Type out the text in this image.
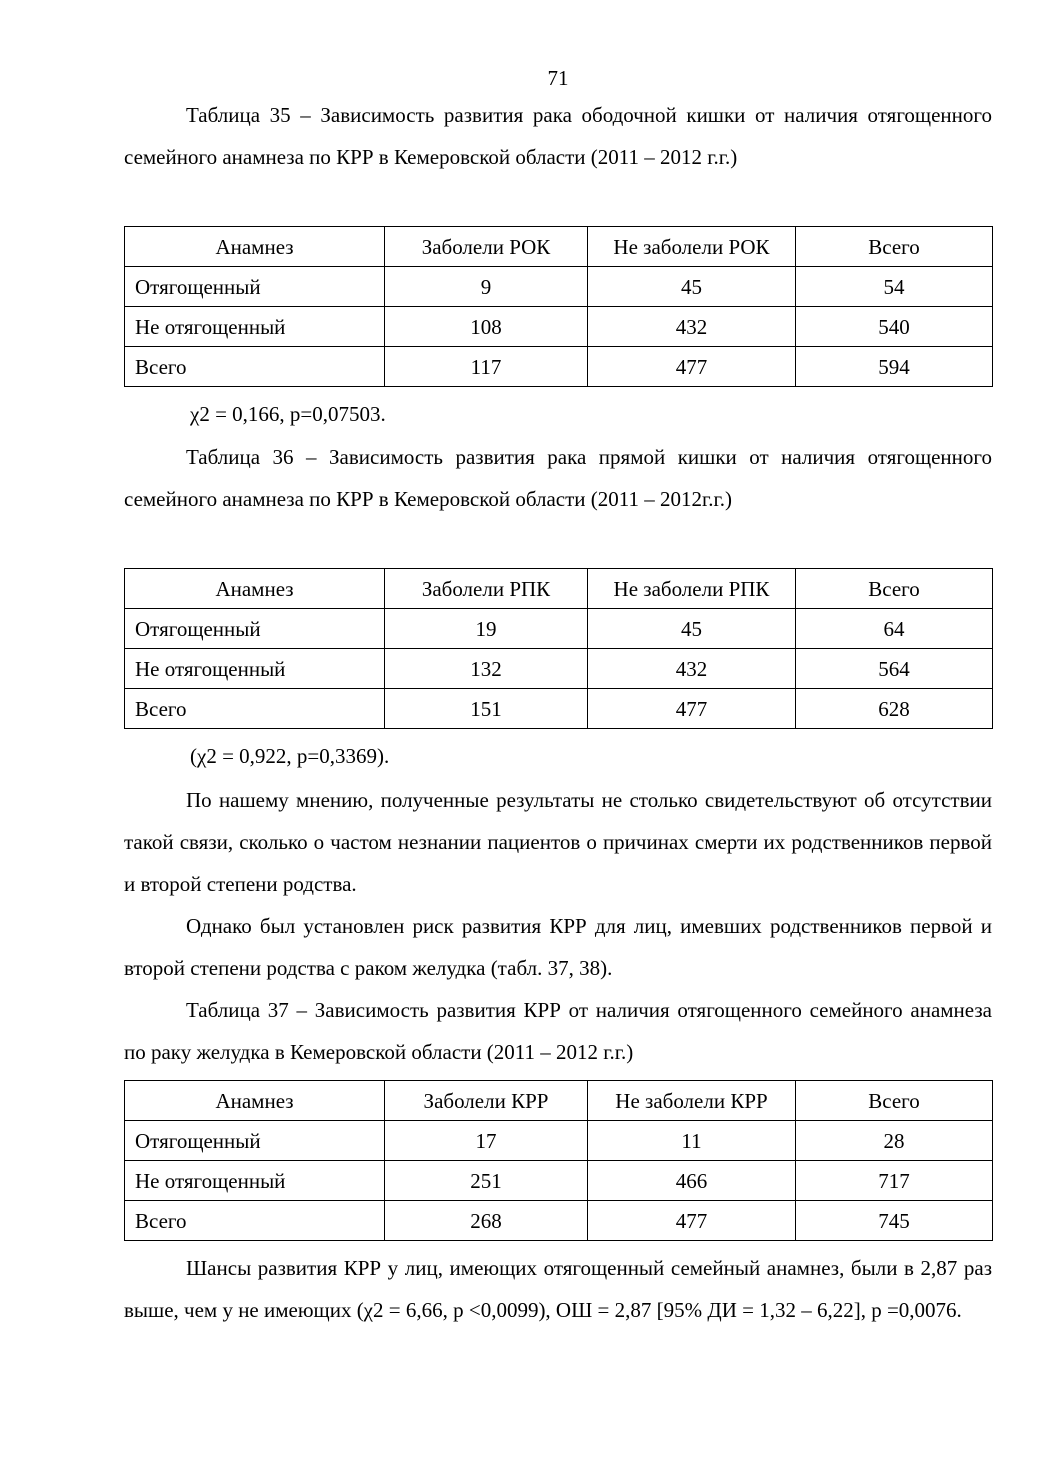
71

Таблица 35 – Зависимость развития рака ободочной кишки от наличия отягощенного семейного анамнеза по КРР в Кемеровской области (2011 – 2012 г.г.)

Анамнез	Заболели РОК	Не заболели РОК	Всего
Отягощенный	9	45	54
Не отягощенный	108	432	540
Всего	117	477	594

χ2 = 0,166, p=0,07503.

Таблица 36 – Зависимость развития рака прямой кишки от наличия отягощенного семейного анамнеза по КРР в Кемеровской области (2011 – 2012г.г.)

Анамнез	Заболели РПК	Не заболели РПК	Всего
Отягощенный	19	45	64
Не отягощенный	132	432	564
Всего	151	477	628

(χ2 = 0,922, p=0,3369).

По нашему мнению, полученные результаты не столько свидетельствуют об отсутствии такой связи, сколько о частом незнании пациентов о причинах смерти их родственников первой и второй степени родства.

Однако был установлен риск развития КРР для лиц, имевших родственников первой и второй степени родства с раком желудка (табл. 37, 38).

Таблица 37 – Зависимость развития КРР от наличия отягощенного семейного анамнеза по раку желудка в Кемеровской области (2011 – 2012 г.г.)

Анамнез	Заболели КРР	Не заболели КРР	Всего
Отягощенный	17	11	28
Не отягощенный	251	466	717
Всего	268	477	745

Шансы развития КРР у лиц, имеющих отягощенный семейный анамнез, были в 2,87 раз выше, чем у не имеющих (χ2 = 6,66, p <0,0099), ОШ = 2,87 [95% ДИ = 1,32 – 6,22], p =0,0076.
